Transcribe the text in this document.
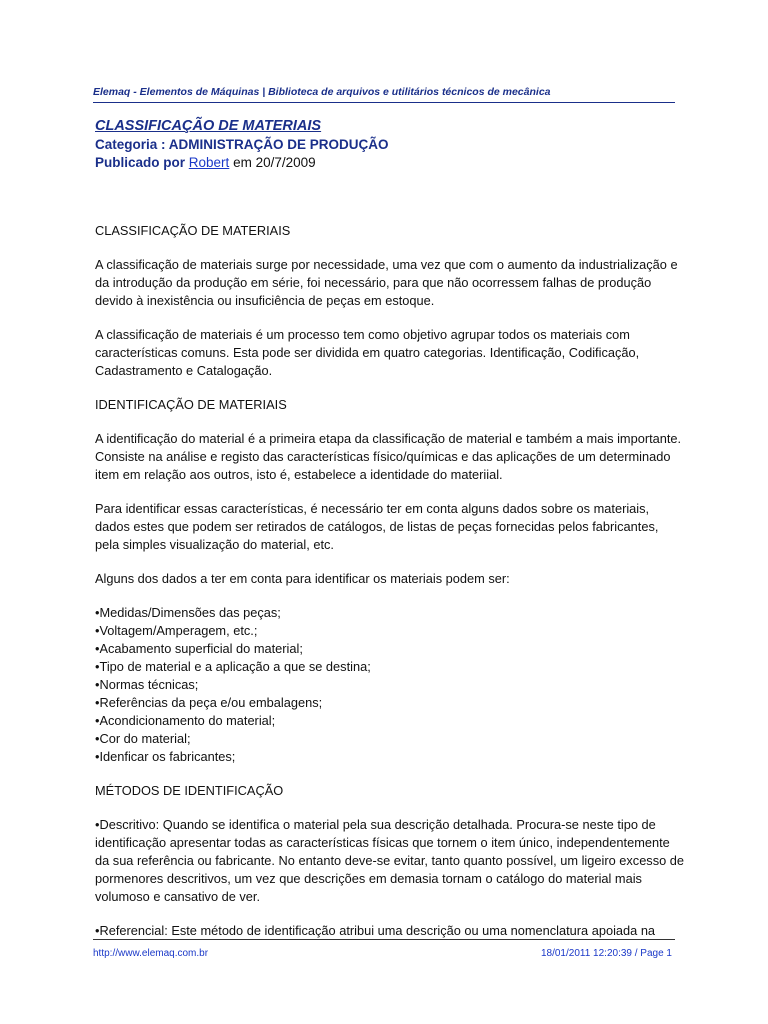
Elemaq - Elementos de Máquinas | Biblioteca de arquivos e utilitários técnicos de mecânica
CLASSIFICAÇÃO DE MATERIAIS
Categoria : ADMINISTRAÇÃO DE PRODUÇÃO
Publicado por Robert em 20/7/2009

CLASSIFICAÇÃO DE MATERIAIS

A classificação de materiais surge por necessidade, uma vez que com o aumento da industrialização e da introdução da produção em série, foi necessário, para que não ocorressem falhas de produção devido à inexistência ou insuficiência de peças em estoque.

A classificação de materiais é um processo tem como objetivo agrupar todos os materiais com características comuns. Esta pode ser dividida em quatro categorias. Identificação, Codificação, Cadastramento e Catalogação.

IDENTIFICAÇÃO DE MATERIAIS

A identificação do material é a primeira etapa da classificação de material e também a mais importante. Consiste na análise e registo das características físico/químicas e das aplicações de um determinado item em relação aos outros, isto é, estabelece a identidade do materiial.

Para identificar essas características, é necessário ter em conta alguns dados sobre os materiais, dados estes que podem ser retirados de catálogos, de listas de peças fornecidas pelos fabricantes, pela simples visualização do material, etc.

Alguns dos dados a ter em conta para identificar os materiais podem ser:

•Medidas/Dimensões das peças;
•Voltagem/Amperagem, etc.;
•Acabamento superficial do material;
•Tipo de material e a aplicação a que se destina;
•Normas técnicas;
•Referências da peça e/ou embalagens;
•Acondicionamento do material;
•Cor do material;
•Idenficar os fabricantes;

MÉTODOS DE IDENTIFICAÇÃO

•Descritivo: Quando se identifica o material pela sua descrição detalhada. Procura-se neste tipo de identificação apresentar todas as características físicas que tornem o item único, independentemente da sua referência ou fabricante. No entanto deve-se evitar, tanto quanto possível, um ligeiro excesso de pormenores descritivos, um vez que descrições em demasia tornam o catálogo do material mais volumoso e cansativo de ver.

•Referencial: Este método de identificação atribui uma descrição ou uma nomenclatura apoiada na

http://www.elemaq.com.br	18/01/2011 12:20:39 / Page 1
